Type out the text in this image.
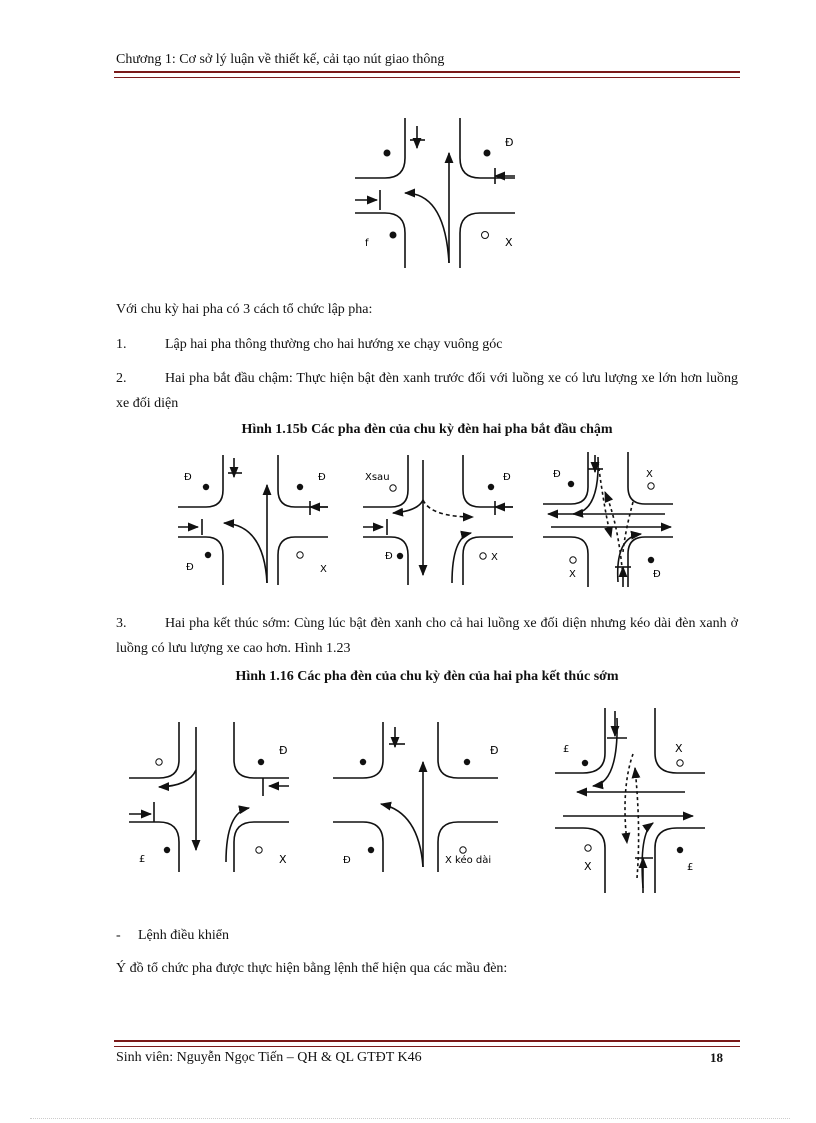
Chương 1: Cơ sở lý luận về thiết kế, cải tạo nút giao thông
Đ
f	X
Với chu kỳ hai pha có 3 cách tổ chức lập pha:
1.	Lập hai pha thông thường cho hai hướng xe chạy vuông góc
2.	Hai pha bắt đầu chậm: Thực hiện bật đèn xanh trước đối với luồng xe có lưu lượng xe lớn hơn luồng xe đối diện
Hình 1.15b Các pha đèn của chu kỳ đèn hai pha bắt đầu chậm
Đ	Đ
Đ	X
Xsau	Đ
Đ	X
Đ	X
X	Đ
3.	Hai pha kết thúc sớm: Cùng lúc bật đèn xanh cho cả hai luồng xe đối diện nhưng kéo dài đèn xanh ở luồng có lưu lượng xe cao hơn. Hình 1.23
Hình 1.16 Các pha đèn của chu kỳ đèn của hai pha kết thúc sớm
Đ
£	X
Đ
Đ	X kéo dài
£	X
X	£
- Lệnh điều khiển
Ý đồ tổ chức pha được thực hiện bằng lệnh thể hiện qua các mầu đèn:
Sinh viên: Nguyễn Ngọc Tiến – QH & QL GTĐT K46	18
